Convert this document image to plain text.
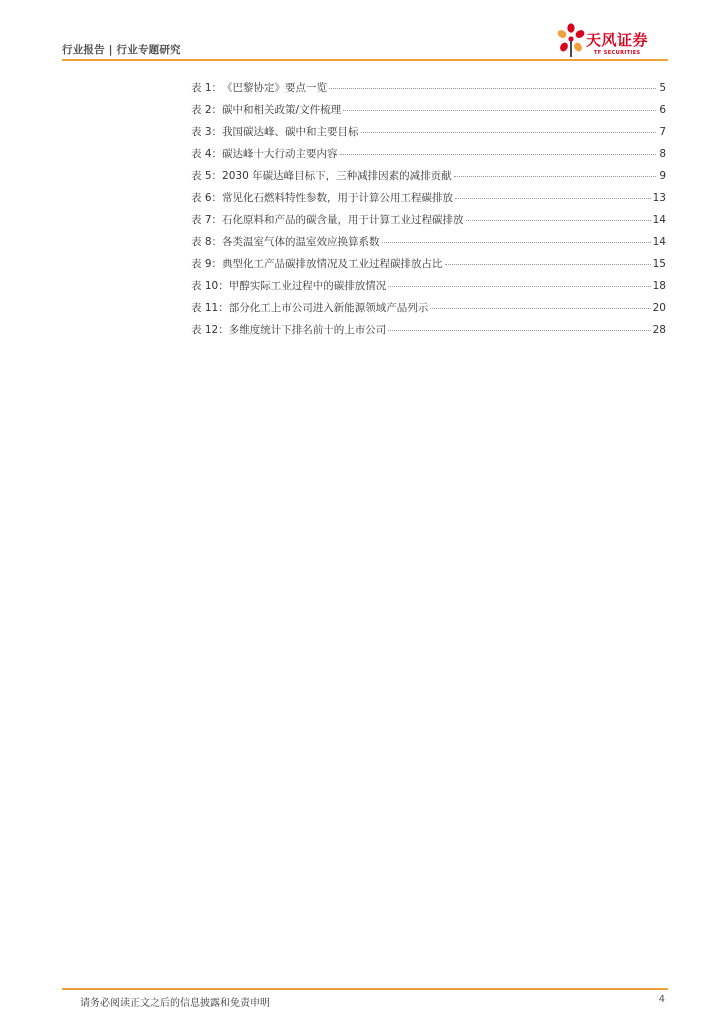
行业报告 | 行业专题研究
天风证券
TF SECURITIES
表 1： 《巴黎协定》要点一览	5
表 2： 碳中和相关政策/文件梳理	6
表 3： 我国碳达峰、碳中和主要目标	7
表 4： 碳达峰十大行动主要内容	8
表 5： 2030 年碳达峰目标下，三种减排因素的减排贡献	9
表 6： 常见化石燃料特性参数，用于计算公用工程碳排放	13
表 7： 石化原料和产品的碳含量，用于计算工业过程碳排放	14
表 8： 各类温室气体的温室效应换算系数	14
表 9： 典型化工产品碳排放情况及工业过程碳排放占比	15
表 10： 甲醇实际工业过程中的碳排放情况	18
表 11： 部分化工上市公司进入新能源领域产品列示	20
表 12： 多维度统计下排名前十的上市公司	28
请务必阅读正文之后的信息披露和免责申明	4
